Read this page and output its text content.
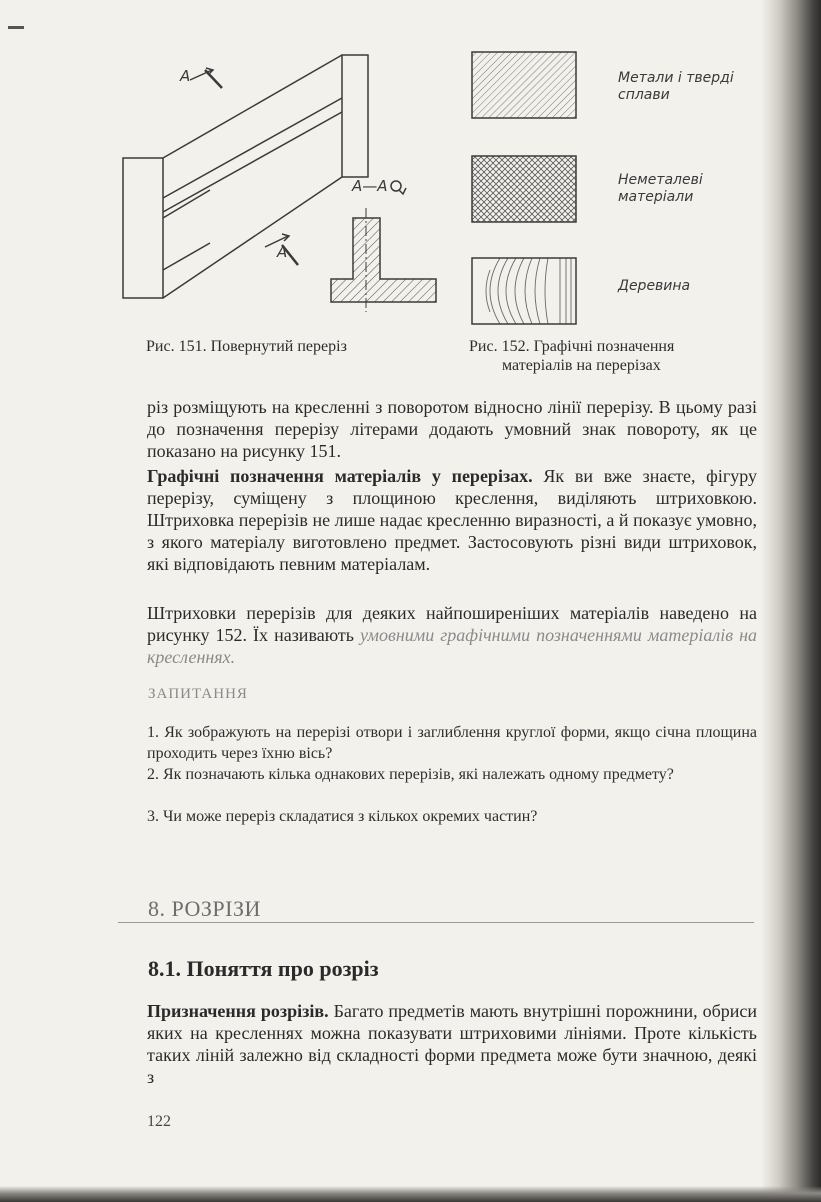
А
А
А—А
Метали і тверді
сплави
Неметалеві
матеріали
Деревина
Рис. 151. Повернутий переріз	Рис. 152. Графічні позначення
матеріалів на перерізах
різ розміщують на кресленні з поворотом відносно лінії перерізу. В цьому разі до позначення перерізу літерами додають умовний знак повороту, як це показано на рисунку 151.
Графічні позначення матеріалів у перерізах. Як ви вже знаєте, фігуру перерізу, суміщену з площиною креслення, виділяють штриховкою. Штриховка перерізів не лише надає кресленню виразності, а й показує умовно, з якого матеріалу виготовлено предмет. Застосовують різні види штриховок, які відповідають певним матеріалам.
Штриховки перерізів для деяких найпоширеніших матеріалів наведено на рисунку 152. Їх називають умовними графічними позначеннями матеріалів на кресленнях.
ЗАПИТАННЯ
1. Як зображують на перерізі отвори і заглиблення круглої форми, якщо січна площина проходить через їхню вісь?
2. Як позначають кілька однакових перерізів, які належать одному предмету?
3. Чи може переріз складатися з кількох окремих частин?
8. РОЗРІЗИ
8.1. Поняття про розріз
Призначення розрізів. Багато предметів мають внутрішні порожнини, обриси яких на кресленнях можна показувати штриховими лініями. Проте кількість таких ліній залежно від складності форми предмета може бути значною, деякі з
122
